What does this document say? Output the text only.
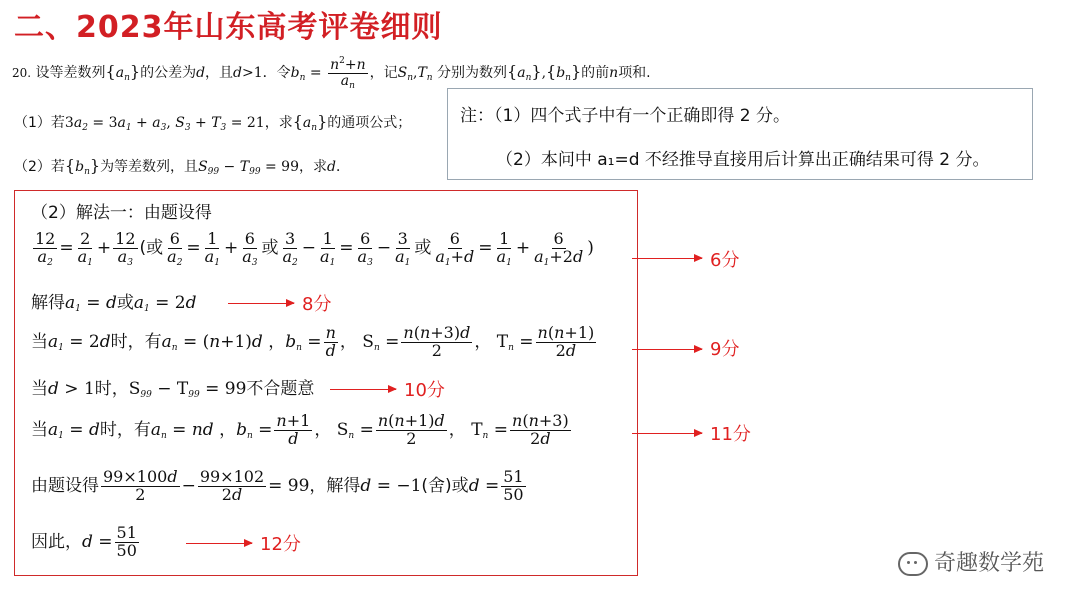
二、2023年山东高考评卷细则
20. 设等差数列$\{a_n\}$的公差为d，且d>1．令$b_n = \frac{n^2+n}{a_n}$ ，记$S_n,T_n$ 分别为数列$\{a_n\},\{b_n\}$的前n项和.
（1）若$3a_2 = 3a_1 + a_3$, $S_3 + T_3 = 21$，求$\{a_n\}$的通项公式；
（2）若$\{b_n\}$为等差数列，且$S_{99} - T_{99} = 99$，求d．
注：（1）四个式子中有一个正确即得 2 分。
（2）本问中 a₁=d 不经推导直接用后计算出正确结果可得 2 分。
（2）解法一：由题设得
$\frac{12}{a2} = \frac{2}{a1} + \frac{12}{a3}$ (或 $\frac{6}{a2} = \frac{1}{a1} + \frac{6}{a3}$ 或 $\frac{3}{a2} - \frac{1}{a1} = \frac{6}{a3} - \frac{3}{a1}$ 或 $\frac{6}{a1+d} = \frac{1}{a1} + \frac{6}{a1+2d}$ )
解得a1 = d或a1 = 2d
当a1 = 2d时，有an = (n+1)d ，bn = $\frac{n}{d}$ ， $Sn = \frac{n(n+3)d}{2}$ ， $Tn = \frac{n(n+1)}{2d}$
当d > 1时，S99 − T99 = 99不合题意
当a1 = d时，有an = nd ，bn = $\frac{n+1}{d}$ ， $Sn = \frac{n(n+1)d}{2}$ ， $Tn = \frac{n(n+3)}{2d}$
由题设得 $\frac{99\times 100d}{2} - \frac{99\times 102}{2d} = 99$，解得d = −1(舍)或$d = \frac{51}{50}$
因此，$d = \frac{51}{50}$
6分
8分
9分
10分
11分
12分
奇趣数学苑
